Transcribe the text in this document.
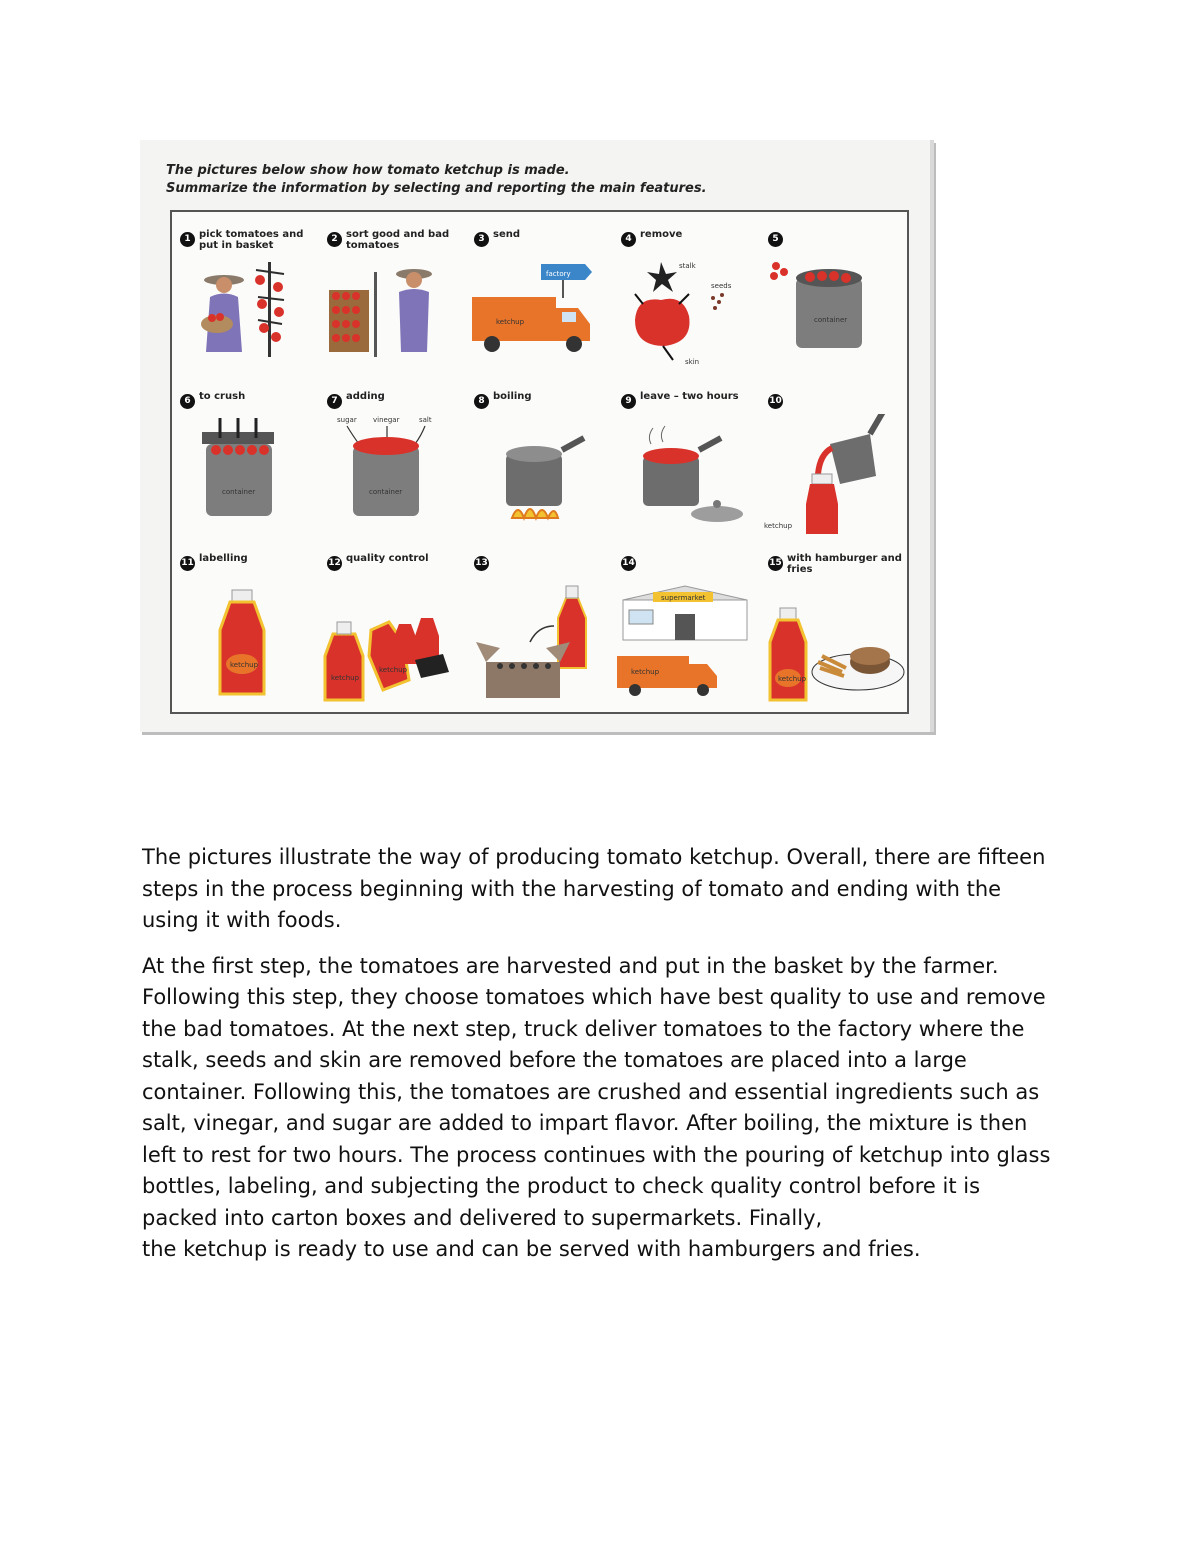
The pictures below show how tomato ketchup is made.
Summarize the information by selecting and reporting the main features.
1 pick tomatoes and put in basket
2 sort good and bad tomatoes
3 send
factory
ketchup
4 remove
stalk
seeds
skin
5
container
6 to crush
container
7 adding
sugar vinegar	salt
container
8 boiling	9 leave – two hours	10
ketchup
11 labelling
ketchup
12 quality control
ketchup
ketchup
13	14
supermarket
ketchup
15 with hamburger and fries
ketchup

The pictures illustrate the way of producing tomato ketchup. Overall, there are fifteen steps in the process beginning with the harvesting of tomato and ending with the using it with foods.

At the first step, the tomatoes are harvested and put in the basket by the farmer. Following this step, they choose tomatoes which have best quality to use and remove the bad tomatoes. At the next step, truck deliver tomatoes to the factory where the stalk, seeds and skin are removed before the tomatoes are placed into a large container. Following this, the tomatoes are crushed and essential ingredients such as salt, vinegar, and sugar are added to impart flavor. After boiling, the mixture is then left to rest for two hours. The process continues with the pouring of ketchup into glass bottles, labeling, and subjecting the product to check quality control before it is packed into carton boxes and delivered to supermarkets. Finally,
the ketchup is ready to use and can be served with hamburgers and fries.
